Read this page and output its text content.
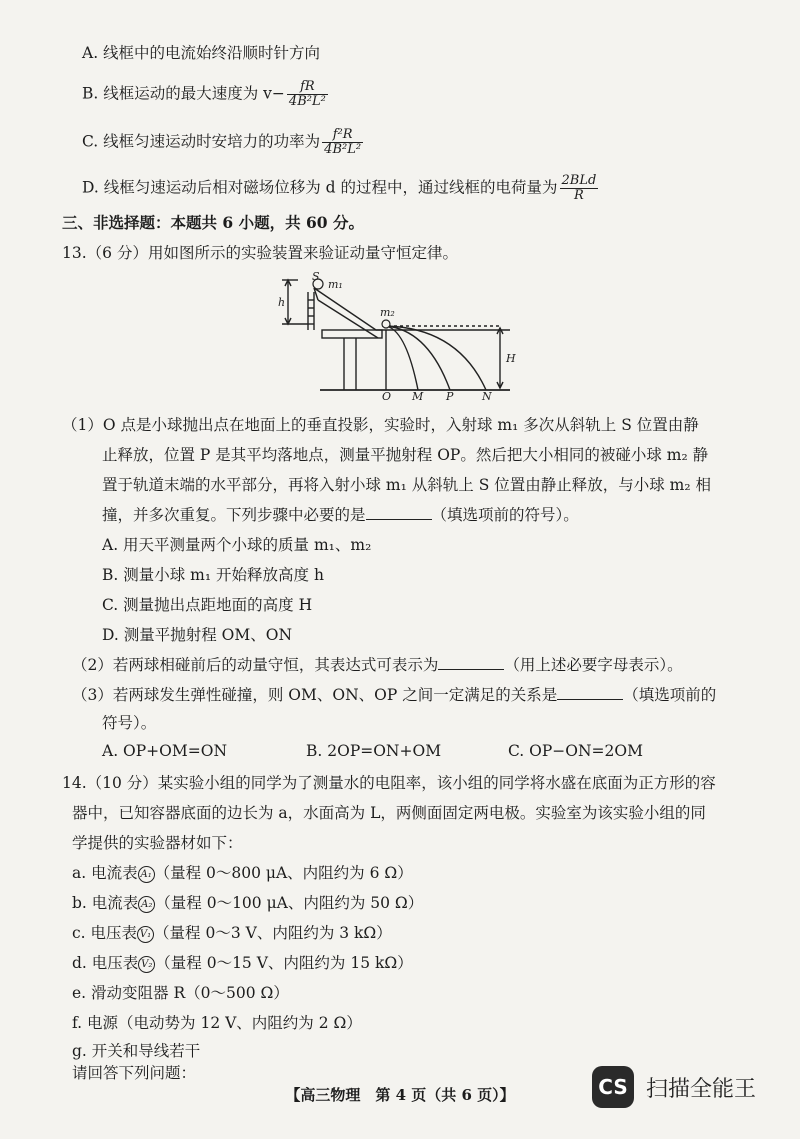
A. 线框中的电流始终沿顺时针方向
B. 线框运动的最大速度为 $v- \frac{fR}{\text{4B²L²}}$
C. 线框匀速运动时安培力的功率为 $\frac{\text{f²R}}{\text{4B²L²}}$
D. 线框匀速运动后相对磁场位移为 d 的过程中，通过线框的电荷量为 $\frac{\text{2BLd}}{R}$
三、非选择题：本题共 6 小题，共 60 分。
13.（6 分）用如图所示的实验装置来验证动量守恒定律。
S
m₁
m₂
h
H
O M P	N
（1）O 点是小球抛出点在地面上的垂直投影，实验时，入射球 m₁ 多次从斜轨上 S 位置由静
止释放，位置 P 是其平均落地点，测量平抛射程 OP。然后把大小相同的被碰小球 m₂ 静
置于轨道末端的水平部分，再将入射小球 m₁ 从斜轨上 S 位置由静止释放，与小球 m₂ 相
撞，并多次重复。下列步骤中必要的是	（填选项前的符号）。
A. 用天平测量两个小球的质量 m₁、m₂
B. 测量小球 m₁ 开始释放高度 h
C. 测量抛出点距地面的高度 H
D. 测量平抛射程 OM、ON
（2）若两球相碰前后的动量守恒，其表达式可表示为	（用上述必要字母表示）。
（3）若两球发生弹性碰撞，则 OM、ON、OP 之间一定满足的关系是	（填选项前的
符号）。
A. OP+OM=ON	B. 2OP=ON+OM	C. OP−ON=2OM
14.（10 分）某实验小组的同学为了测量水的电阻率，该小组的同学将水盛在底面为正方形的容
器中，已知容器底面的边长为 a，水面高为 L，两侧面固定两电极。实验室为该实验小组的同
学提供的实验器材如下：
a. 电流表 A₁ （量程 0～800 μA、内阻约为 6 Ω）
b. 电流表 A₂ （量程 0～100 μA、内阻约为 50 Ω）
c. 电压表 V₁ （量程 0～3 V、内阻约为 3 kΩ）
d. 电压表 V₂ （量程 0～15 V、内阻约为 15 kΩ）
e. 滑动变阻器 R（0～500 Ω）
f. 电源（电动势为 12 V、内阻约为 2 Ω）
g. 开关和导线若干
请回答下列问题：
【高三物理　第 4 页（共 6 页）】	CS 扫描全能王
